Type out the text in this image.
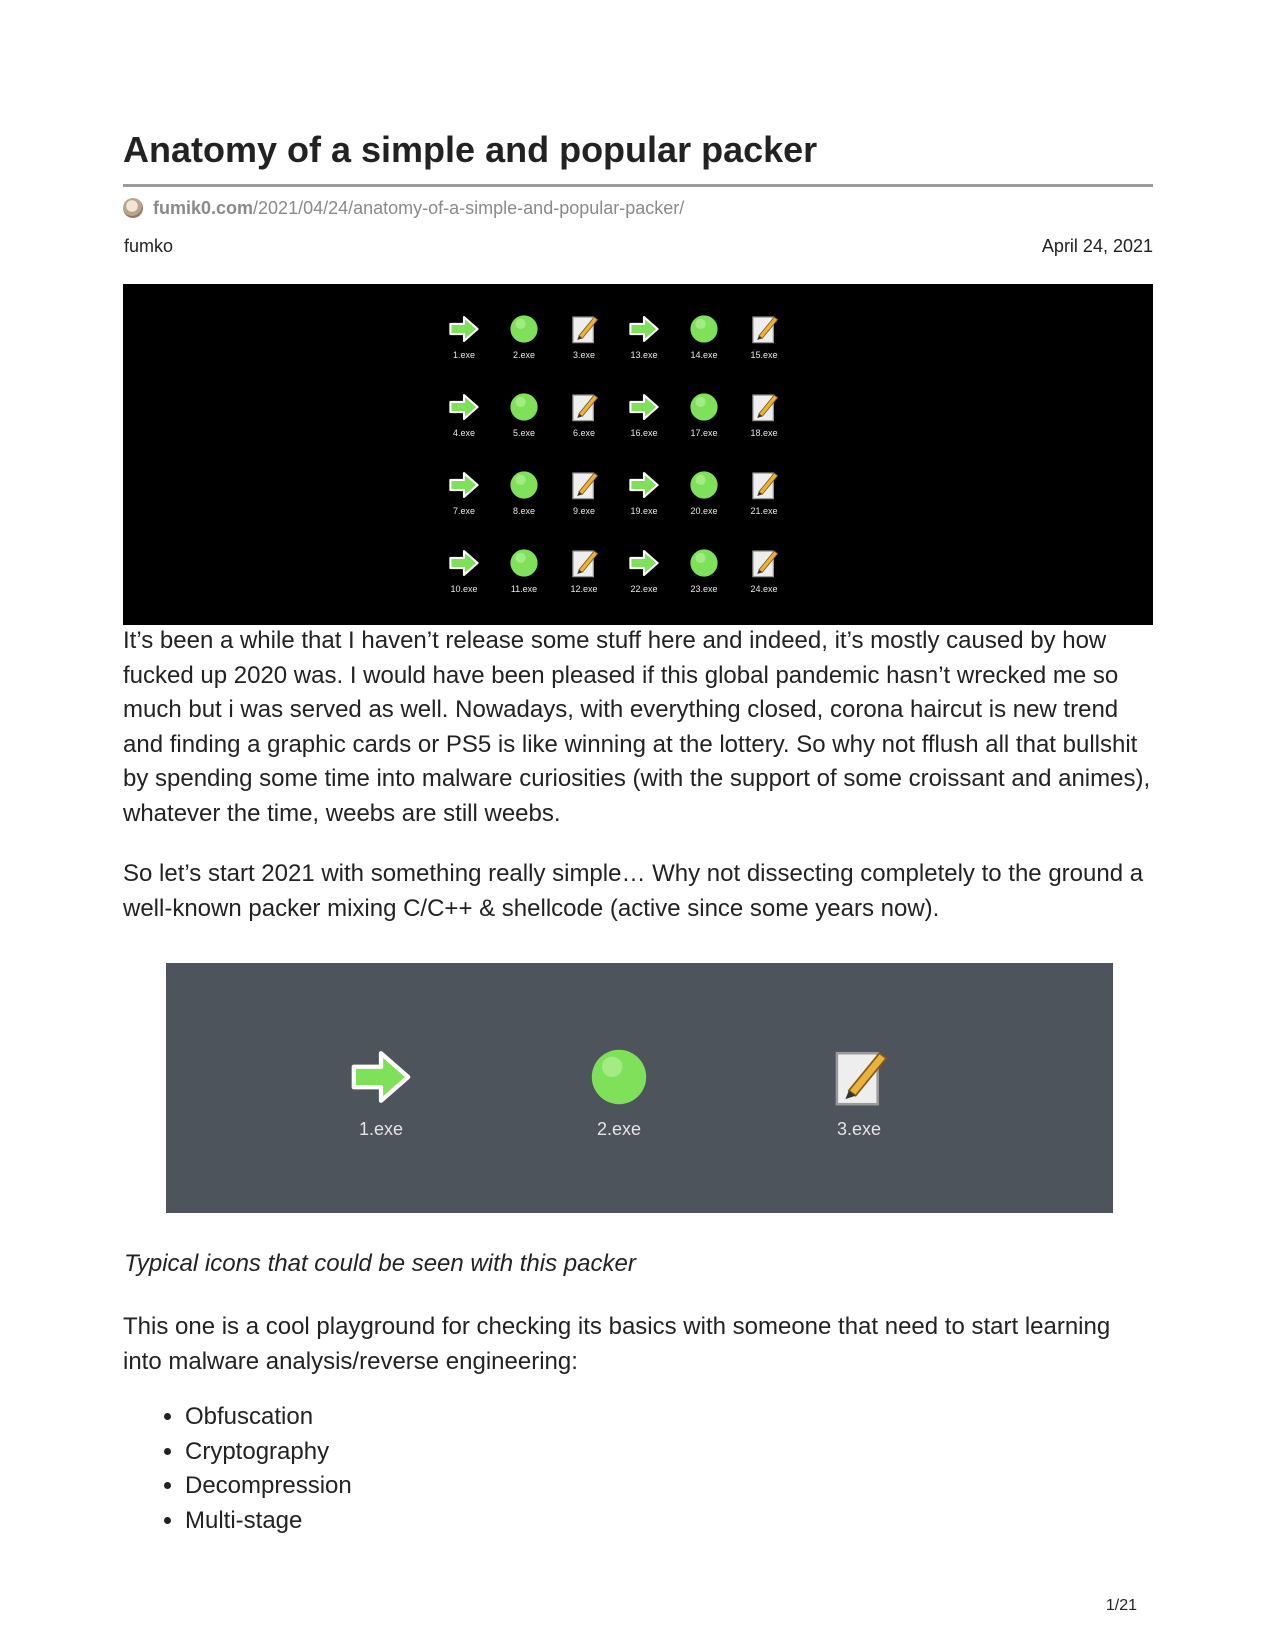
Anatomy of a simple and popular packer
fumik0.com /2021/04/24/anatomy-of-a-simple-and-popular-packer/
fumko	April 24, 2021
1.exe	2.exe	3.exe	13.exe	14.exe	15.exe
4.exe	5.exe	6.exe	16.exe	17.exe	18.exe
7.exe	8.exe	9.exe	19.exe	20.exe	21.exe
10.exe	11.exe	12.exe	22.exe	23.exe	24.exe

It’s been a while that I haven’t release some stuff here and indeed, it’s mostly caused by how fucked up 2020 was. I would have been pleased if this global pandemic hasn’t wrecked me so much but i was served as well. Nowadays, with everything closed, corona haircut is new trend and finding a graphic cards or PS5 is like winning at the lottery. So why not fflush all that bullshit by spending some time into malware curiosities (with the support of some croissant and animes), whatever the time, weebs are still weebs.

So let’s start 2021 with something really simple… Why not dissecting completely to the ground a well-known packer mixing C/C++ & shellcode (active since some years now).

1.exe	2.exe	3.exe

Typical icons that could be seen with this packer

This one is a cool playground for checking its basics with someone that need to start learning into malware analysis/reverse engineering:

• Obfuscation
• Cryptography
• Decompression
• Multi-stage
1/21
